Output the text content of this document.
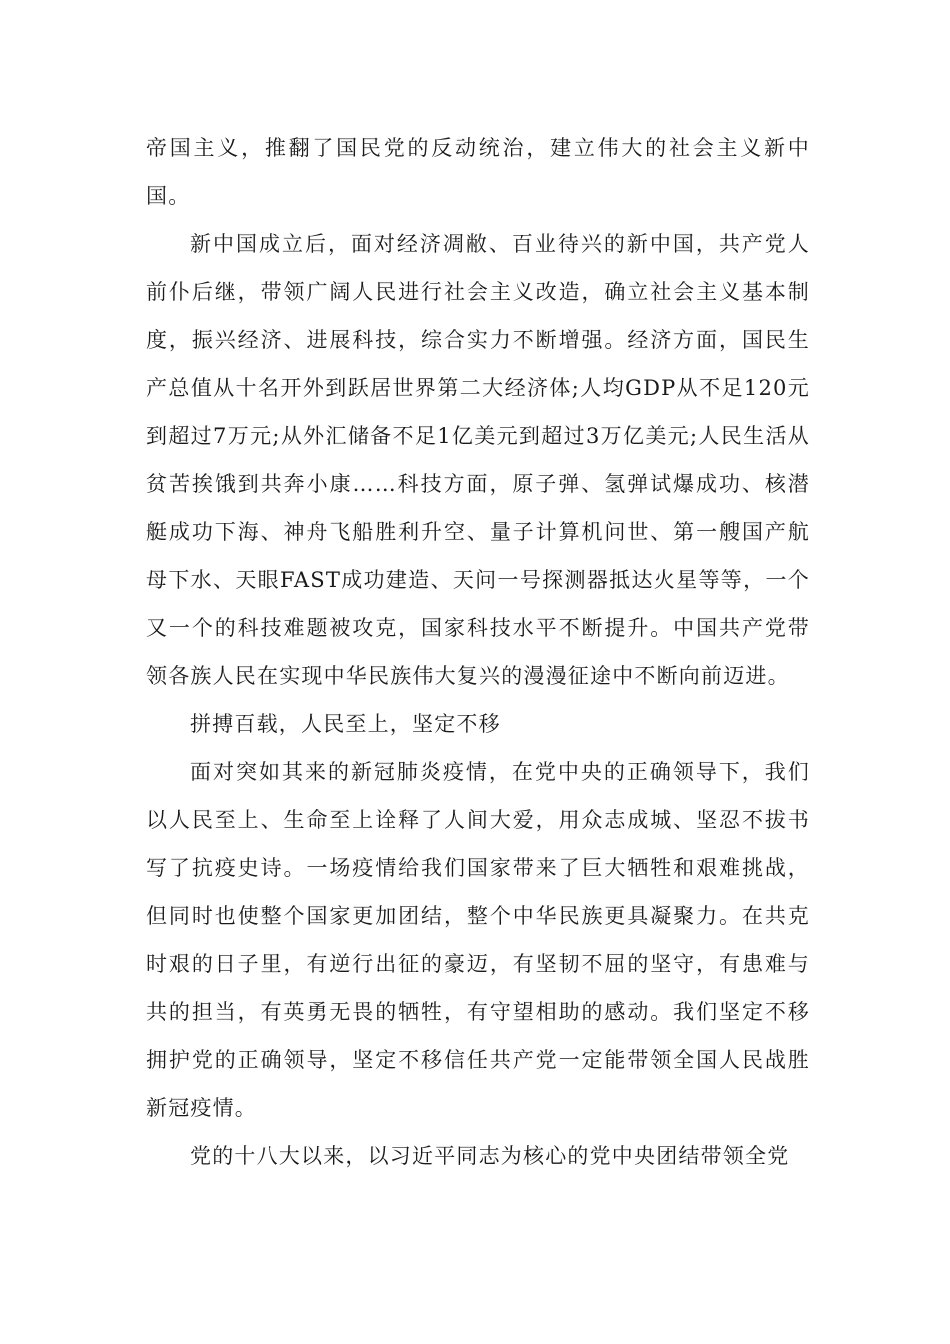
帝国主义，推翻了国民党的反动统治，建立伟大的社会主义新中国。

新中国成立后，面对经济凋敝、百业待兴的新中国，共产党人前仆后继，带领广阔人民进行社会主义改造，确立社会主义基本制度，振兴经济、进展科技，综合实力不断增强。经济方面，国民生产总值从十名开外到跃居世界第二大经济体;人均GDP从不足120元到超过7万元;从外汇储备不足1亿美元到超过3万亿美元;人民生活从贫苦挨饿到共奔小康……科技方面，原子弹、氢弹试爆成功、核潜艇成功下海、神舟飞船胜利升空、量子计算机问世、第一艘国产航母下水、天眼FAST成功建造、天问一号探测器抵达火星等等，一个又一个的科技难题被攻克，国家科技水平不断提升。中国共产党带领各族人民在实现中华民族伟大复兴的漫漫征途中不断向前迈进。

拼搏百载，人民至上，坚定不移

面对突如其来的新冠肺炎疫情，在党中央的正确领导下，我们以人民至上、生命至上诠释了人间大爱，用众志成城、坚忍不拔书写了抗疫史诗。一场疫情给我们国家带来了巨大牺牲和艰难挑战，但同时也使整个国家更加团结，整个中华民族更具凝聚力。在共克时艰的日子里，有逆行出征的豪迈，有坚韧不屈的坚守，有患难与共的担当，有英勇无畏的牺牲，有守望相助的感动。我们坚定不移拥护党的正确领导，坚定不移信任共产党一定能带领全国人民战胜新冠疫情。

党的十八大以来，以习近平同志为核心的党中央团结带领全党
